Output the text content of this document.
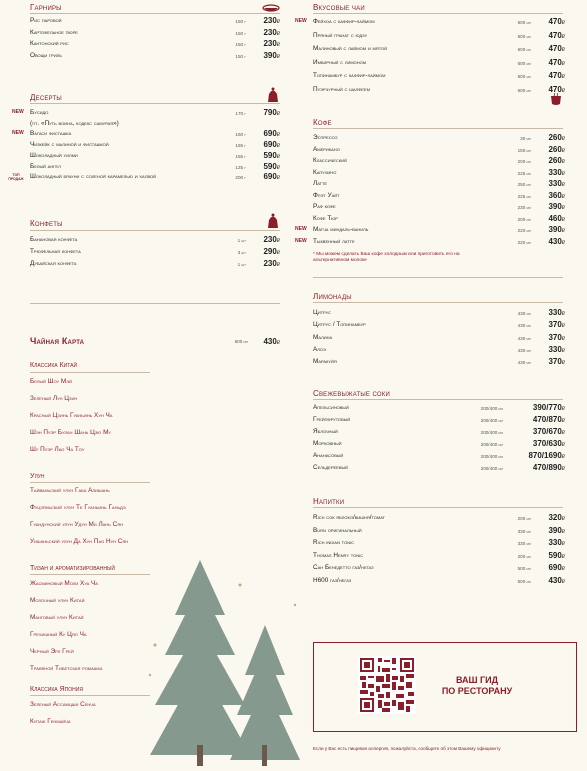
Гарниры
Рис паровой	150 г	230₽
Картофельное пюре	150 г	230₽
Кантонский рис	150 г	230₽
Овощи гриль	150 г	390₽
Десерты
NEW Бусидо	170 г	790₽
(пт. «Путь воина, кодекс самурая»)
NEW Вагаси фисташка	160 г	690₽
Чизкейк с малиной и фисташкой	165 г	690₽
Шоколадный уилми	155 г	590₽
Белый ангел	125 г	590₽
ТОП ПРОДАЖ Шоколадный брауни с соленой карамелью и халвой	200 г	690₽
Конфеты
Банановая конфета	1 шт	230₽
Трюфельная конфета	3 шт	290₽
Дубайская конфета	1 шт	230₽
Чайная Карта	600 мл	430₽
Классика Китай
Белый Шоу Мэй
Зеленый Лун Цзин
Красный Цзинь Гуаньинь Хун Ча
Шэн Пуэр Булан Шань Цзю Му
Шу Пуэр Лао Ча Тоу
Улун
Тайваньский улун Габа Алишань
Фуцзяньский улун Те Гуаньинь Ганьдэ
Гуандунский улун Удун Ми Лань Сян
Уишаньский улун Да Хун Пао Нун Сян
Тизан и ароматизированный
Жасминовый Моли Хуа Ча
Молочный улун Китай
Манговый улун Китай
Гречишный Ку Цяо Ча
Черный Эрл Грей
Травяной Тибетская ромашка
Классика Япония
Зеленый Ассамцши Сенча
Купаж Генмайча
Вкусовые чаи
NEW Фейхоа с каффир-лаймом	600 мл	470₽
Пряный гранат с юдзу	600 мл	470₽
Малиновый с лаймом и мятой	600 мл	470₽
Имбирный с лимоном	600 мл	470₽
Топинамбур с каффир-лаймом	600 мл	470₽
Пуэрчурный с шалфеем	600 мл	470₽
Кофе
Эспрессо	30 мл	260₽
Американо	150 мл	260₽
Классический	200 мл	260₽
Капучино	225 мл	330₽
Латте	250 мл	330₽
Флэт Уайт	225 мл	360₽
Раф кофе	230 мл	390₽
Кофе Тюр	200 мл	460₽
NEW Матча миндаль-ваниль	220 мл	390₽
NEW Тыквенный латте	220 мл	430₽
* Мы можем сделать Ваш кофе холодным или приготовить его на альтернативном молоке
Лимонады
Цитрус	430 мл	330₽
Цитрус / Топинамбур	430 мл	370₽
Малина	430 мл	370₽
Алоэ	430 мл	330₽
Маракуйя	430 мл	370₽
Свежевыжатые соки
Апельсиновый	200/400 мл	390/770₽
Грейпфрутовый	200/400 мл	470/870₽
Яблочный	200/400 мл	370/670₽
Морковный	200/400 мл	370/630₽
Ананасовый	200/400 мл	870/1690₽
Сельдереевый	200/400 мл	470/890₽
Напитки
Rich сок яблоко/вишня/томат	200 мл	320₽
Burn оригинальный	330 мл	390₽
Rich indian tonic	330 мл	330₽
Thomas Henry tonic	200 мл	590₽
Сан Бенедетто газ/негаз	500 мл	690₽
Н600 газ/негаз	500 мл	430₽
ВАШ ГИД
ПО РЕСТОРАНУ
Если у Вас есть пищевая аллергия, пожалуйста, сообщите об этом Вашему официанту
